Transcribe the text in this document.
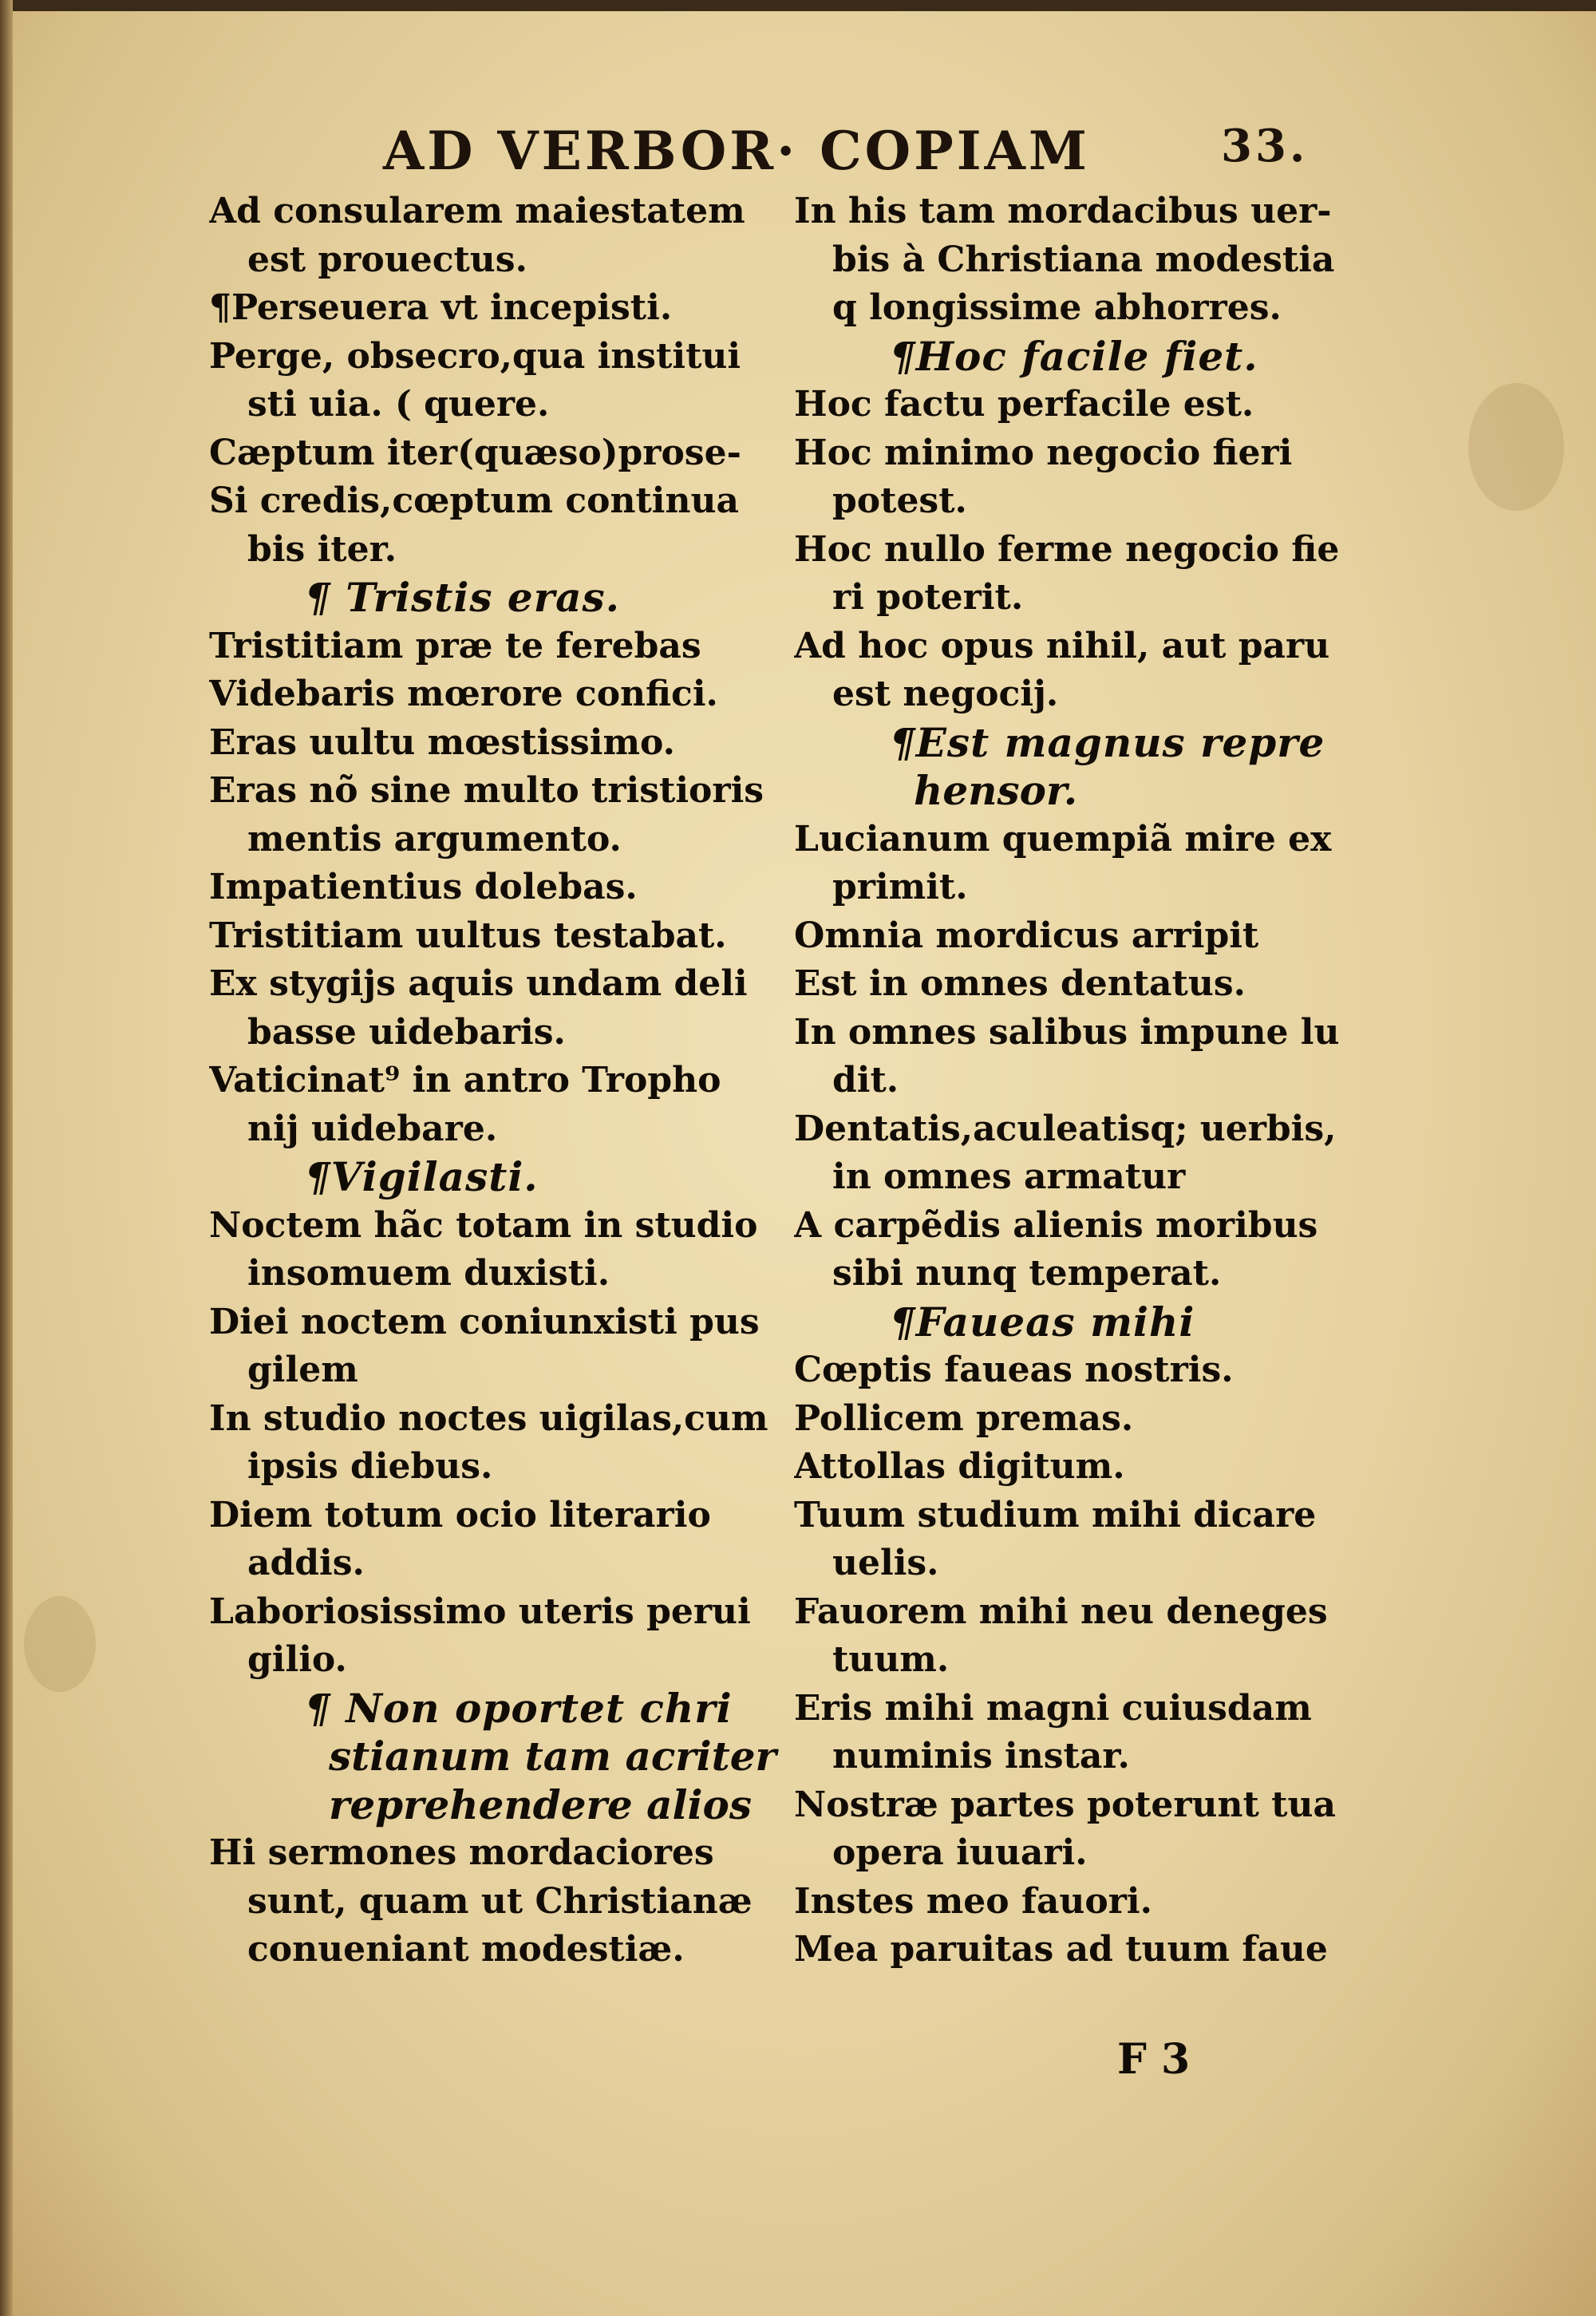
AD VERBOR· COPIAM	33.
Ad consularem maiestatem
est prouectus.
¶Perseuera vt incepisti.
Perge, obsecro,qua institui
sti uia. ( quere.
Cæptum iter(quæso)prose-
Si credis,cœptum continua
bis iter.
¶ Tristis eras.
Tristitiam præ te ferebas
Videbaris mœrore confici.
Eras uultu mœstissimo.
Eras nõ sine multo tristioris
mentis argumento.
Impatientius dolebas.
Tristitiam uultus testabat.
Ex stygijs aquis undam deli
basse uidebaris.
Vaticinat⁹ in antro Tropho
nij uidebare.
¶Vigilasti.
Noctem hãc totam in studio
insomuem duxisti.
Diei noctem coniunxisti pus
gilem
In studio noctes uigilas,cum
ipsis diebus.
Diem totum ocio literario
addis.
Laboriosissimo uteris perui
gilio.
¶ Non oportet chri
stianum tam acriter
reprehendere alios
Hi sermones mordaciores
sunt, quam ut Christianæ
conueniant modestiæ.
In his tam mordacibus uer-
bis à Christiana modestia
q longissime abhorres.
¶Hoc facile fiet.
Hoc factu perfacile est.
Hoc minimo negocio fieri
potest.
Hoc nullo ferme negocio fie
ri poterit.
Ad hoc opus nihil, aut paru
est negocij.
¶Est magnus repre
hensor.
Lucianum quempiã mire ex
primit.
Omnia mordicus arripit
Est in omnes dentatus.
In omnes salibus impune lu
dit.
Dentatis,aculeatisq; uerbis,
in omnes armatur
A carpẽdis alienis moribus
sibi nunq temperat.
¶Faueas mihi
Cœptis faueas nostris.
Pollicem premas.
Attollas digitum.
Tuum studium mihi dicare
uelis.
Fauorem mihi neu deneges
tuum.
Eris mihi magni cuiusdam
numinis instar.
Nostræ partes poterunt tua
opera iuuari.
Instes meo fauori.
Mea paruitas ad tuum faue
F 3
